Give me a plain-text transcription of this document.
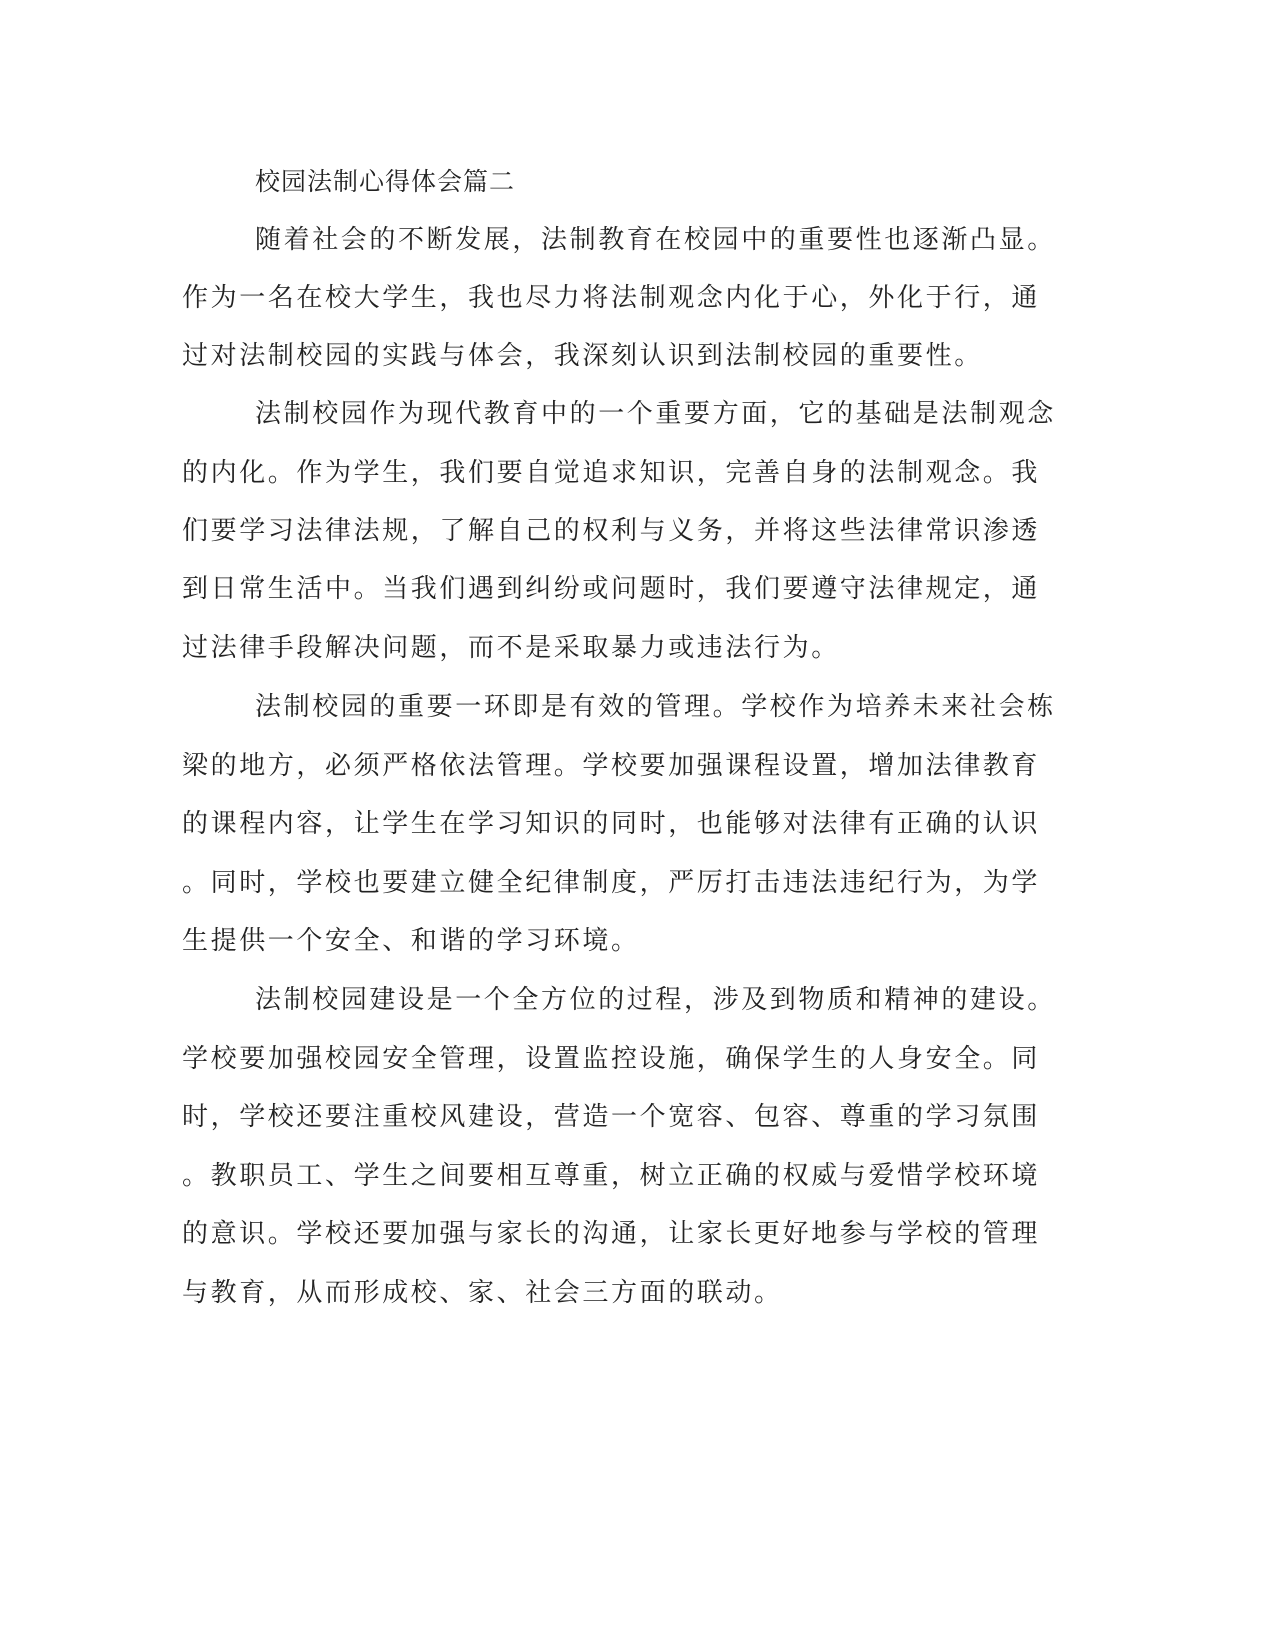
校园法制心得体会篇二
随着社会的不断发展，法制教育在校园中的重要性也逐渐凸显。
作为一名在校大学生，我也尽力将法制观念内化于心，外化于行，通
过对法制校园的实践与体会，我深刻认识到法制校园的重要性。
法制校园作为现代教育中的一个重要方面，它的基础是法制观念
的内化。作为学生，我们要自觉追求知识，完善自身的法制观念。我
们要学习法律法规，了解自己的权利与义务，并将这些法律常识渗透
到日常生活中。当我们遇到纠纷或问题时，我们要遵守法律规定，通
过法律手段解决问题，而不是采取暴力或违法行为。
法制校园的重要一环即是有效的管理。学校作为培养未来社会栋
梁的地方，必须严格依法管理。学校要加强课程设置，增加法律教育
的课程内容，让学生在学习知识的同时，也能够对法律有正确的认识
。同时，学校也要建立健全纪律制度，严厉打击违法违纪行为，为学
生提供一个安全、和谐的学习环境。
法制校园建设是一个全方位的过程，涉及到物质和精神的建设。
学校要加强校园安全管理，设置监控设施，确保学生的人身安全。同
时，学校还要注重校风建设，营造一个宽容、包容、尊重的学习氛围
。教职员工、学生之间要相互尊重，树立正确的权威与爱惜学校环境
的意识。学校还要加强与家长的沟通，让家长更好地参与学校的管理
与教育，从而形成校、家、社会三方面的联动。
